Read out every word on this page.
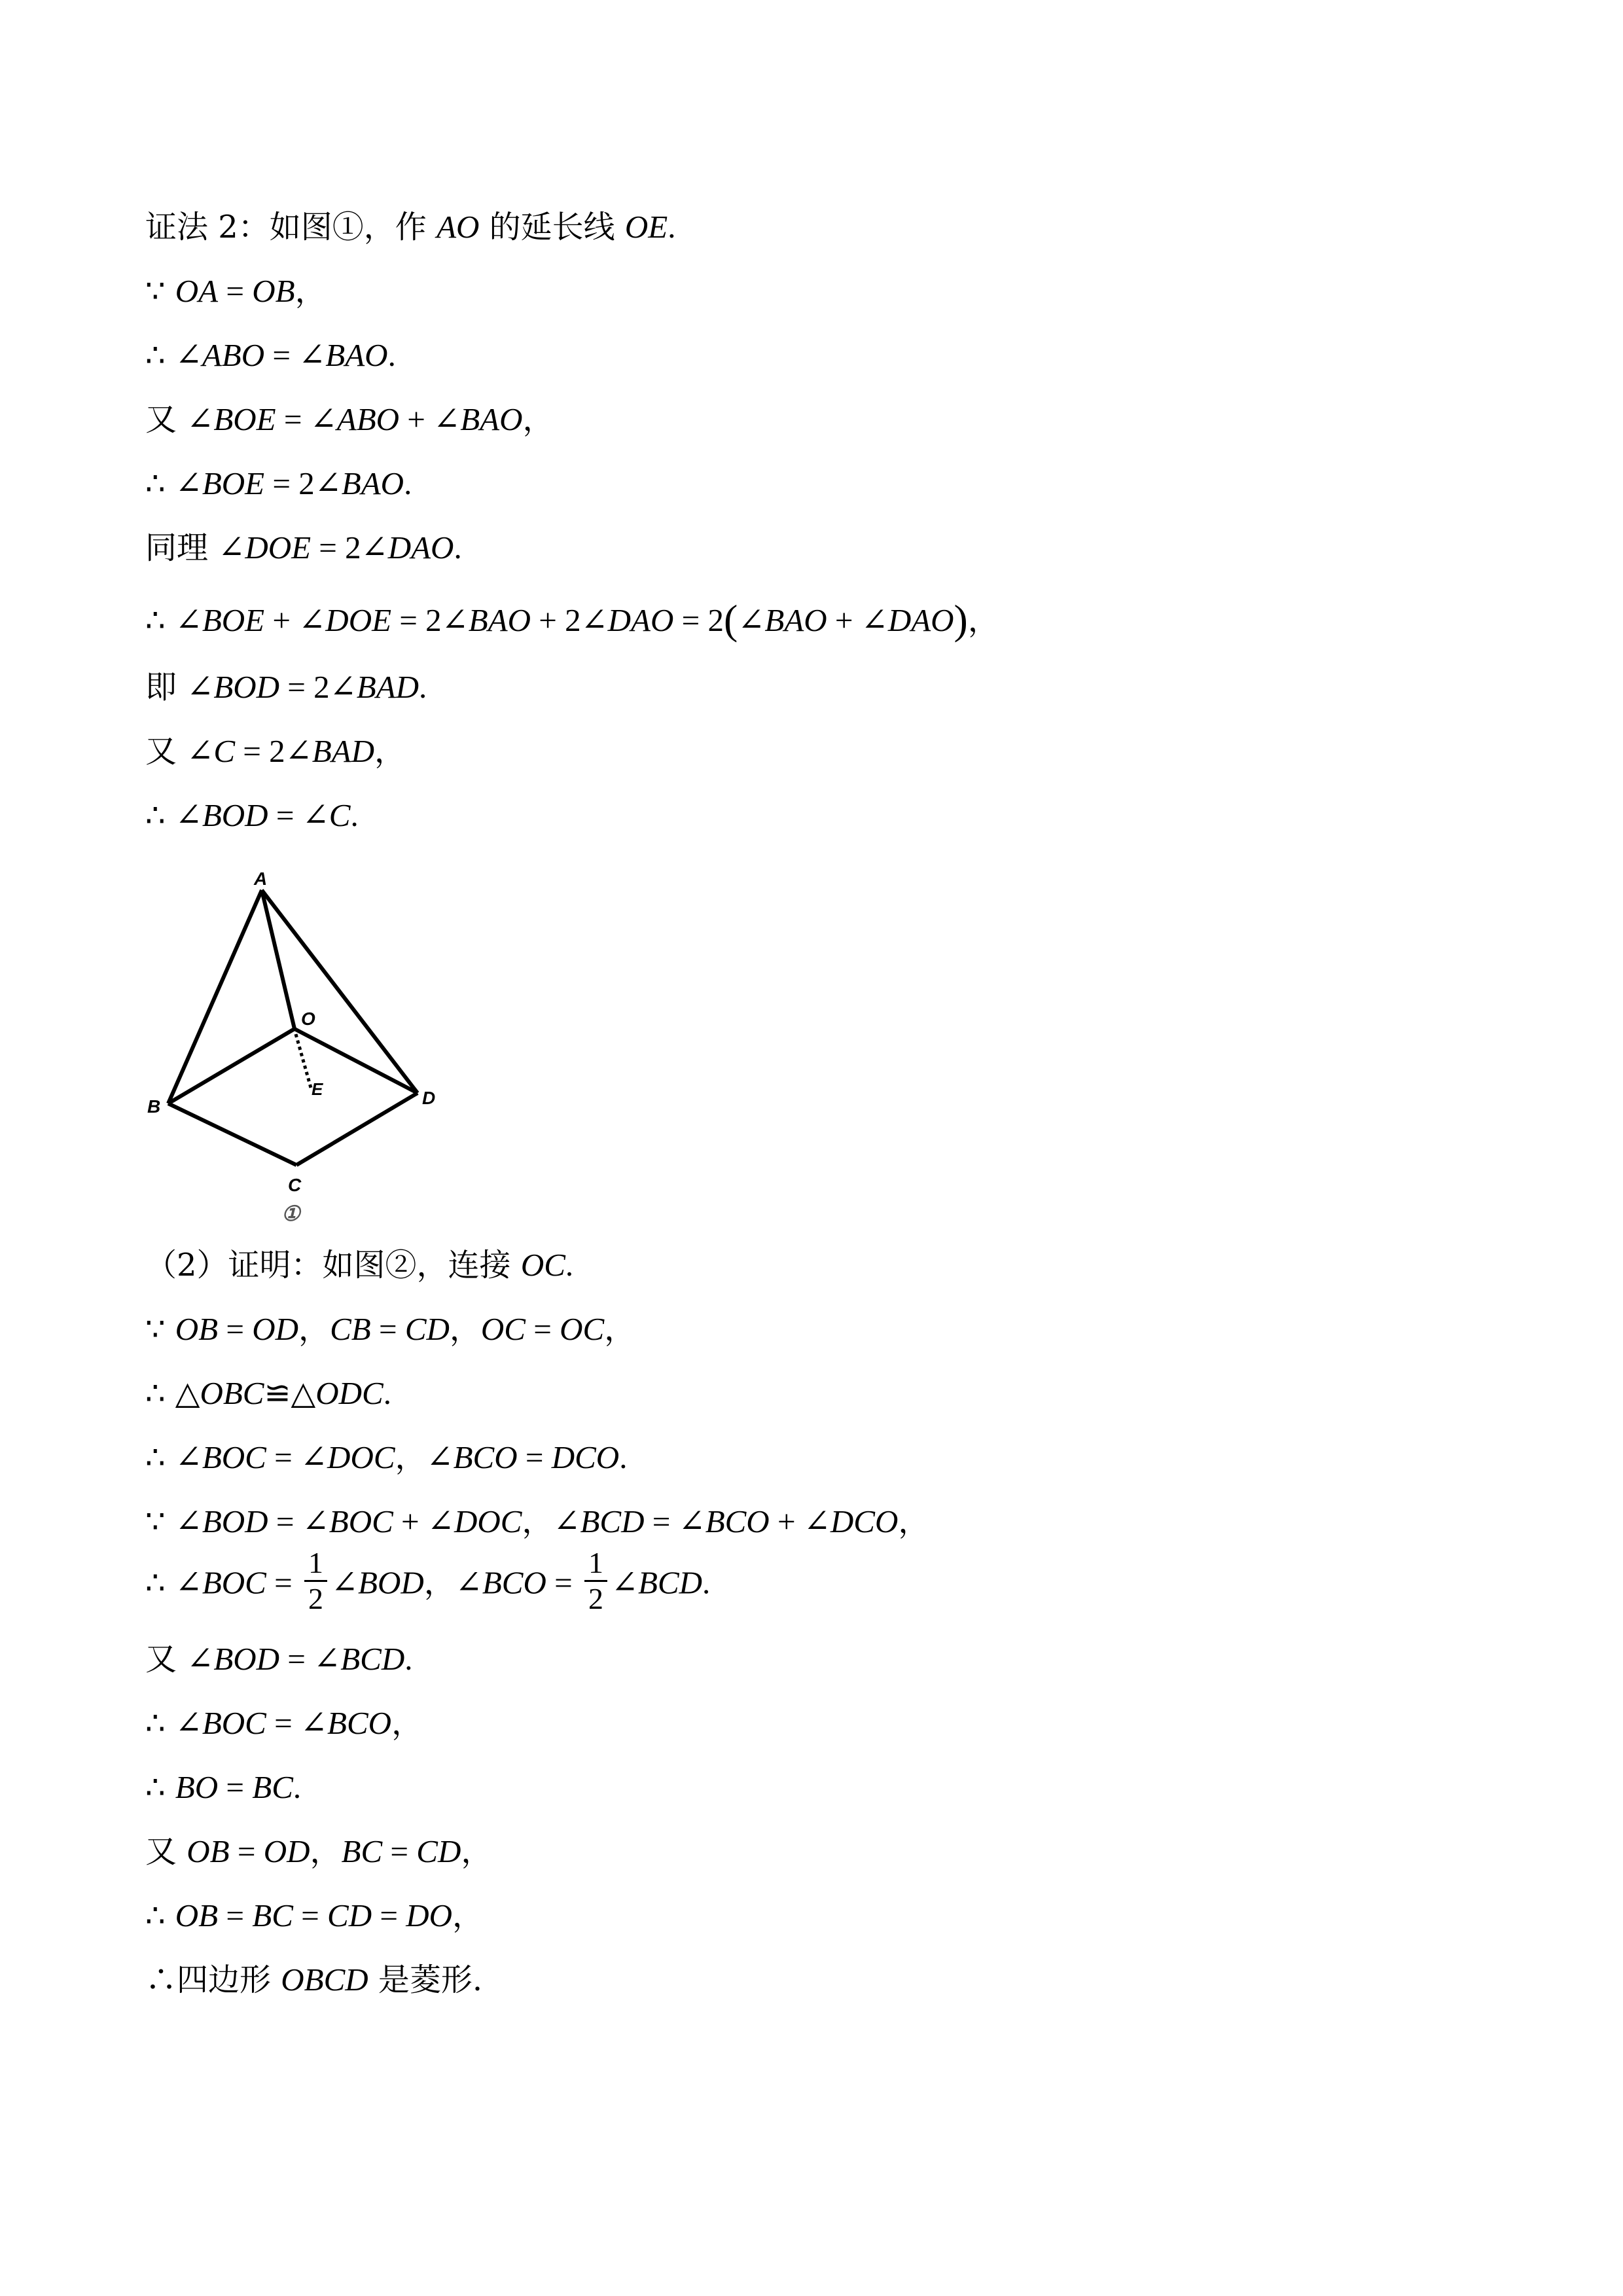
证法 2：如图①，作 AO 的延长线 OE.
∵ OA = OB，
∴ ∠ABO = ∠BAO.
又 ∠BOE = ∠ABO + ∠BAO，
∴ ∠BOE = 2∠BAO.
同理 ∠DOE = 2∠DAO.
∴ ∠BOE + ∠DOE = 2∠BAO + 2∠DAO = 2(∠BAO + ∠DAO)，
即 ∠BOD = 2∠BAD.
又 ∠C = 2∠BAD，
∴ ∠BOD = ∠C.
A
B
C
D
O
E
①
（2）证明：如图②，连接 OC.
∵ OB = OD，CB = CD，OC = OC，
∴ △OBC≌△ODC.
∴ ∠BOC = ∠DOC，∠BCO = DCO.
∵ ∠BOD = ∠BOC + ∠DOC，∠BCD = ∠BCO + ∠DCO，
∴ ∠BOC = $\frac{1}{2}$ ∠BOD，∠BCO = $\frac{1}{2}$ ∠BCD.
又 ∠BOD = ∠BCD.
∴ ∠BOC = ∠BCO，
∴ BO = BC.
又 OB = OD，BC = CD，
∴ OB = BC = CD = DO，
∴四边形 OBCD 是菱形.
